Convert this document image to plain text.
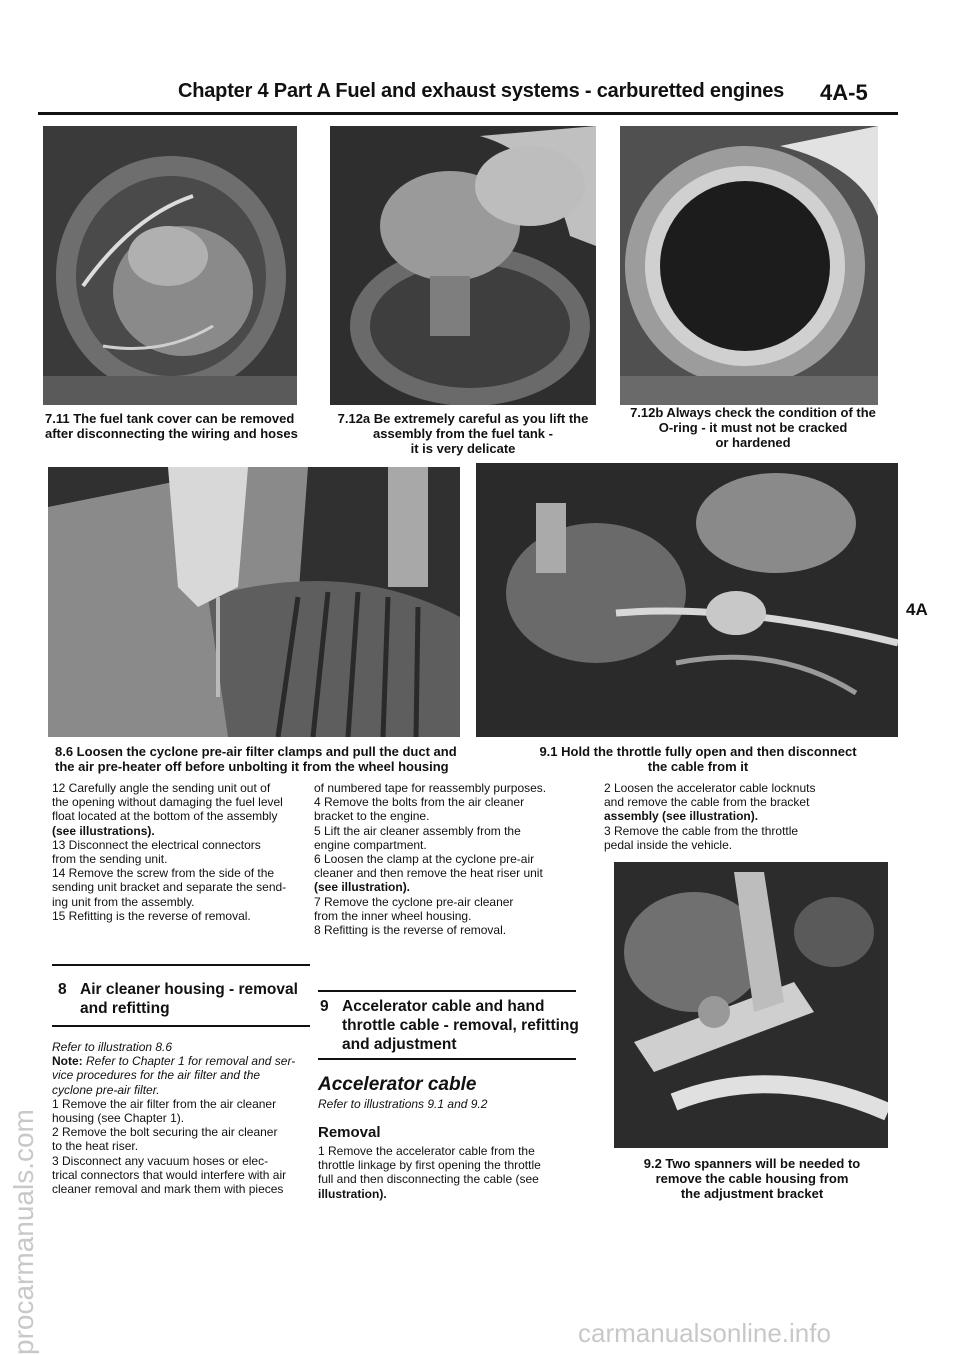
Chapter 4 Part A Fuel and exhaust systems - carburetted engines 4A-5
7.11 The fuel tank cover can be removed
after disconnecting the wiring and hoses
7.12a Be extremely careful as you lift the
assembly from the fuel tank -
it is very delicate
7.12b Always check the condition of the
O-ring - it must not be cracked
or hardened
8.6 Loosen the cyclone pre-air filter clamps and pull the duct and
the air pre-heater off before unbolting it from the wheel housing
9.1 Hold the throttle fully open and then disconnect
the cable from it

12 Carefully angle the sending unit out of

the opening without damaging the fuel level

float located at the bottom of the assembly

(see illustrations).

13 Disconnect the electrical connectors

from the sending unit.

14 Remove the screw from the side of the

sending unit bracket and separate the send-

ing unit from the assembly.

15 Refitting is the reverse of removal.

8 Air cleaner housing - removal
and refitting

Refer to illustration 8.6

Note: Refer to Chapter 1 for removal and ser-

vice procedures for the air filter and the

cyclone pre-air filter.

1 Remove the air filter from the air cleaner

housing (see Chapter 1).

2 Remove the bolt securing the air cleaner

to the heat riser.

3 Disconnect any vacuum hoses or elec-

trical connectors that would interfere with air

cleaner removal and mark them with pieces

of numbered tape for reassembly purposes.

4 Remove the bolts from the air cleaner

bracket to the engine.

5 Lift the air cleaner assembly from the

engine compartment.

6 Loosen the clamp at the cyclone pre-air

cleaner and then remove the heat riser unit

(see illustration).

7 Remove the cyclone pre-air cleaner

from the inner wheel housing.

8 Refitting is the reverse of removal.

9 Accelerator cable and hand
throttle cable - removal, refitting
and adjustment
Accelerator cable
Refer to illustrations 9.1 and 9.2
Removal

1 Remove the accelerator cable from the

throttle linkage by first opening the throttle

full and then disconnecting the cable (see

illustration).

2 Loosen the accelerator cable locknuts

and remove the cable from the bracket

assembly (see illustration).

3 Remove the cable from the throttle

pedal inside the vehicle.

9.2 Two spanners will be needed to
remove the cable housing from
the adjustment bracket
4A
procarmanuals.com	carmanualsonline.info
